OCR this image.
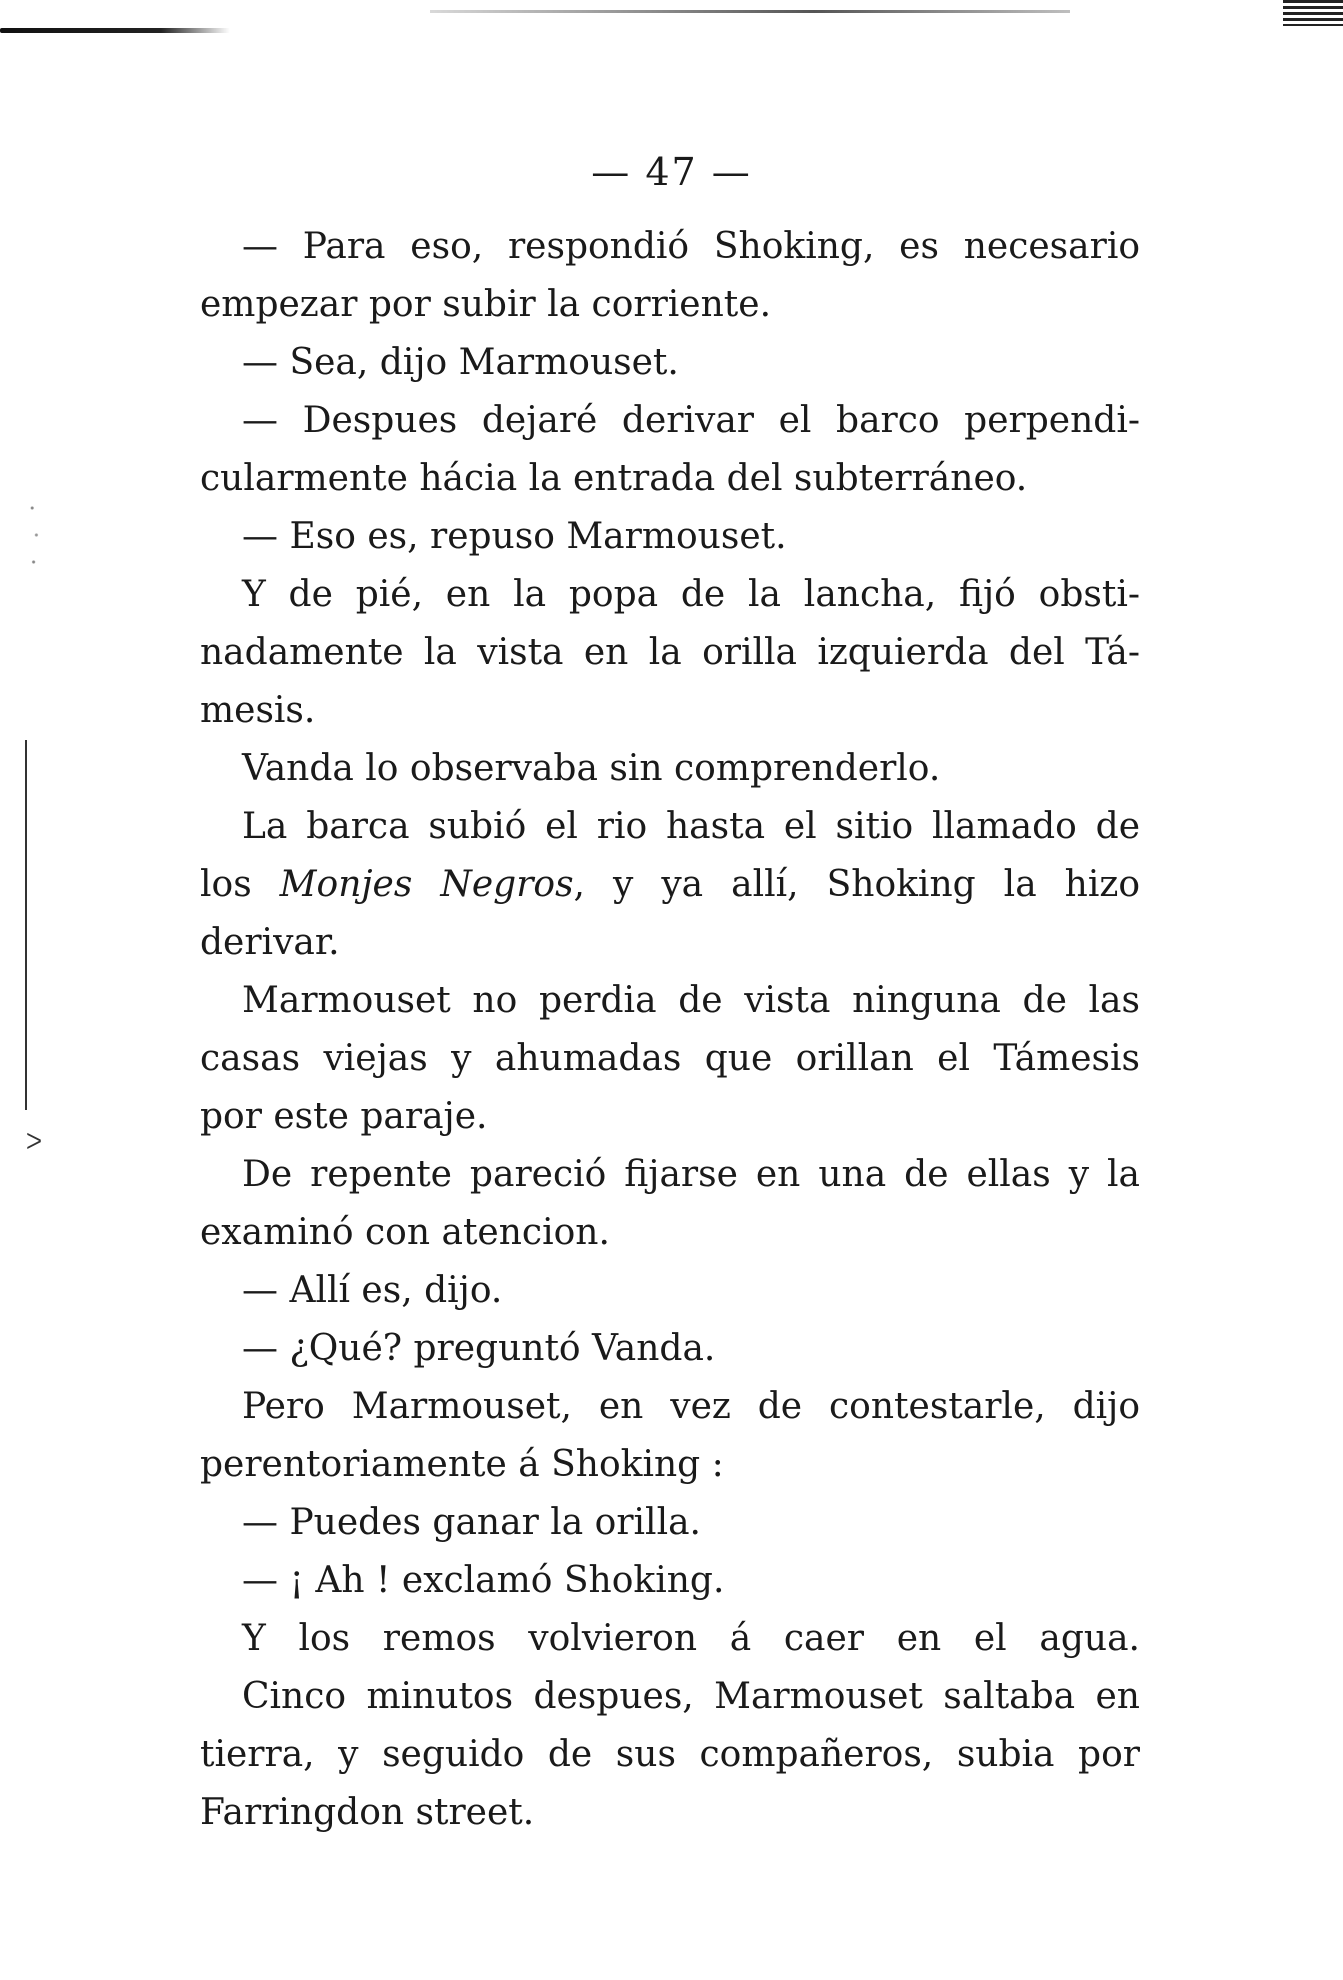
ᐳ
— 47 —
— Para eso, respondió Shoking, es necesario
empezar por subir la corriente.
— Sea, dijo Marmouset.
— Despues dejaré derivar el barco perpendi-
cularmente hácia la entrada del subterráneo.
— Eso es, repuso Marmouset.
Y de pié, en la popa de la lancha, fijó obsti-
nadamente la vista en la orilla izquierda del Tá-
mesis.
Vanda lo observaba sin comprenderlo.
La barca subió el rio hasta el sitio llamado de
los Monjes Negros, y ya allí, Shoking la hizo
derivar.
Marmouset no perdia de vista ninguna de las
casas viejas y ahumadas que orillan el Támesis
por este paraje.
De repente pareció fijarse en una de ellas y la
examinó con atencion.
— Allí es, dijo.
— ¿Qué? preguntó Vanda.
Pero Marmouset, en vez de contestarle, dijo
perentoriamente á Shoking :
— Puedes ganar la orilla.
— ¡ Ah ! exclamó Shoking.
Y los remos volvieron á caer en el agua.
Cinco minutos despues, Marmouset saltaba en
tierra, y seguido de sus compañeros, subia por
Farringdon street.
